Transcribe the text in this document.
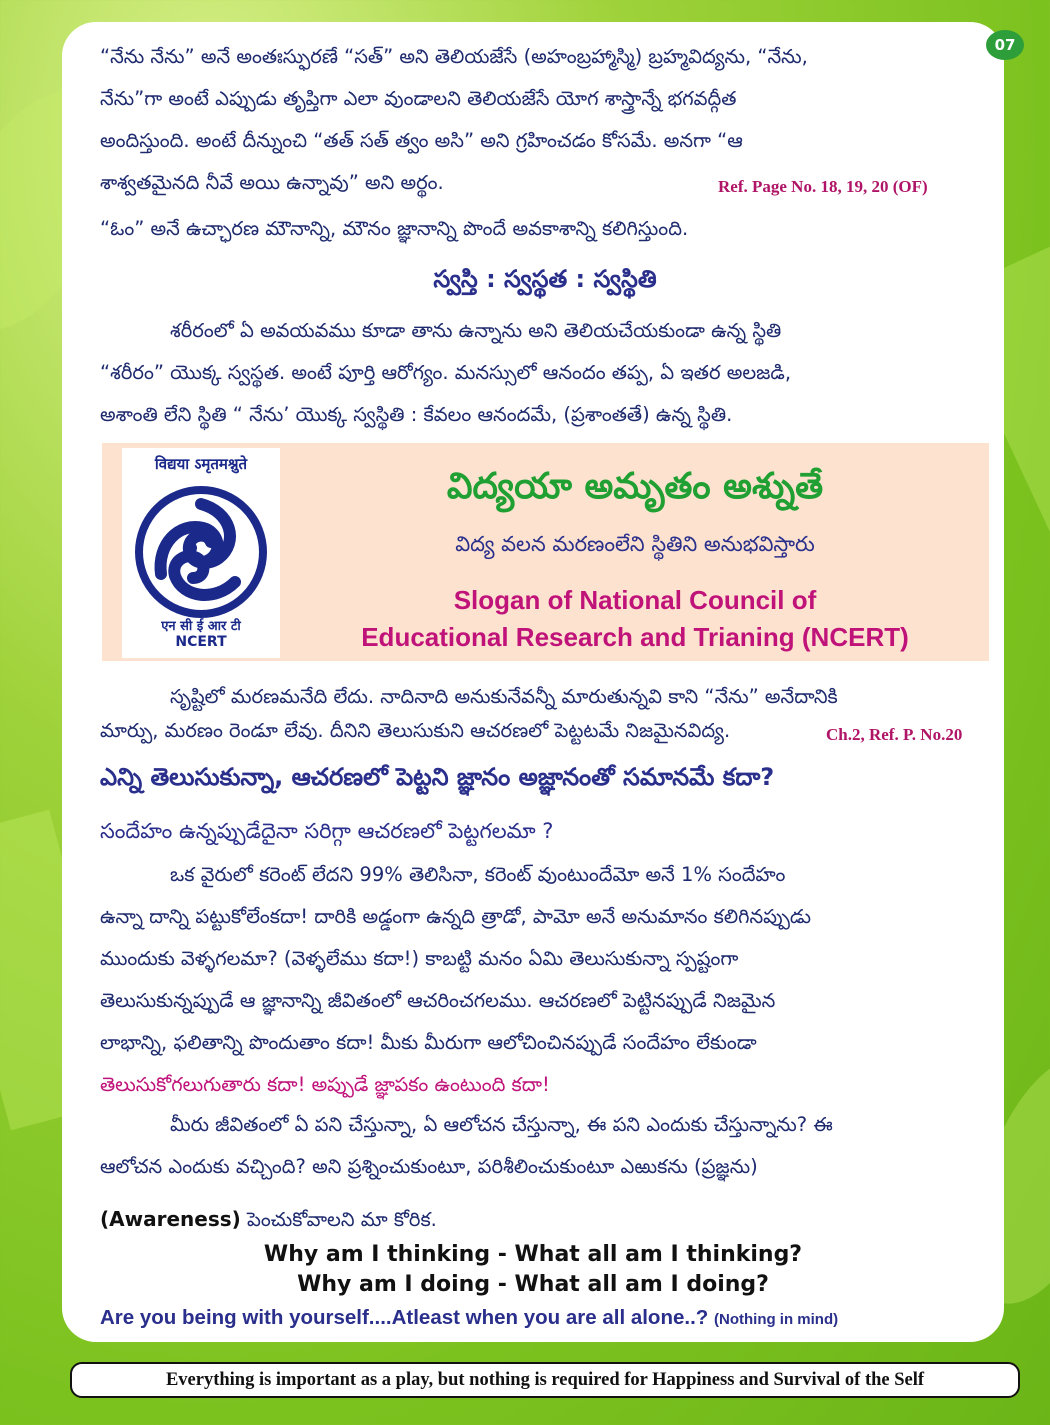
07
“నేను నేను” అనే అంతఃస్ఫురణే “సత్” అని తెలియజేసే (అహంబ్రహ్మాస్మి) బ్రహ్మవిద్యను, “నేను,
నేను”గా అంటే ఎప్పుడు తృప్తిగా ఎలా వుండాలని తెలియజేసే యోగ శాస్త్రాన్నే భగవద్గీత
అందిస్తుంది. అంటే దీన్నుంచి “తత్ సత్ త్వం అసి” అని గ్రహించడం కోసమే. అనగా “ఆ
శాశ్వతమైనది నీవే అయి ఉన్నావు” అని అర్థం.	Ref. Page No. 18, 19, 20 (OF)
“ఓం” అనే ఉచ్ఛారణ మౌనాన్ని, మౌనం జ్ఞానాన్ని పొందే అవకాశాన్ని కలిగిస్తుంది.
స్వస్తి : స్వస్థత : స్వస్థితి
శరీరంలో ఏ అవయవము కూడా తాను ఉన్నాను అని తెలియచేయకుండా ఉన్న స్థితి
“శరీరం” యొక్క స్వస్థత. అంటే పూర్తి ఆరోగ్యం. మనస్సులో ఆనందం తప్ప, ఏ ఇతర అలజడి,
అశాంతి లేని స్థితి “ నేను’ యొక్క స్వస్థితి : కేవలం ఆనందమే, (ప్రశాంతతే) ఉన్న స్థితి.
विद्यया ऽमृतमश्नुते
एन सी ई आर टी
NCERT
విద్యయా అమృతం అశ్నుతే
విద్య వలన మరణంలేని స్థితిని అనుభవిస్తారు
Slogan of National Council of
Educational Research and Trianing (NCERT)
సృష్టిలో మరణమనేది లేదు. నాదినాది అనుకునేవన్నీ మారుతున్నవి కాని “నేను” అనేదానికి
మార్పు, మరణం రెండూ లేవు. దీనిని తెలుసుకుని ఆచరణలో పెట్టటమే నిజమైనవిద్య.	Ch.2, Ref. P. No.20
ఎన్ని తెలుసుకున్నా, ఆచరణలో పెట్టని జ్ఞానం అజ్ఞానంతో సమానమే కదా?
సందేహం ఉన్నప్పుడేదైనా సరిగ్గా ఆచరణలో పెట్టగలమా ?
ఒక వైరులో కరెంట్ లేదని 99% తెలిసినా, కరెంట్ వుంటుందేమో అనే 1% సందేహం
ఉన్నా దాన్ని పట్టుకోలేంకదా! దారికి అడ్డంగా ఉన్నది త్రాడో, పామో అనే అనుమానం కలిగినప్పుడు
ముందుకు వెళ్ళగలమా? (వెళ్ళలేము కదా!) కాబట్టి మనం ఏమి తెలుసుకున్నా స్పష్టంగా
తెలుసుకున్నప్పుడే ఆ జ్ఞానాన్ని జీవితంలో ఆచరించగలము. ఆచరణలో పెట్టినప్పుడే నిజమైన
లాభాన్ని, ఫలితాన్ని పొందుతాం కదా! మీకు మీరుగా ఆలోచించినప్పుడే సందేహం లేకుండా
తెలుసుకోగలుగుతారు కదా! అప్పుడే జ్ఞాపకం ఉంటుంది కదా!
మీరు జీవితంలో ఏ పని చేస్తున్నా, ఏ ఆలోచన చేస్తున్నా, ఈ పని ఎందుకు చేస్తున్నాను? ఈ
ఆలోచన ఎందుకు వచ్చింది? అని ప్రశ్నించుకుంటూ, పరిశీలించుకుంటూ ఎఱుకను (ప్రజ్ఞను)
(Awareness) పెంచుకోవాలని మా కోరిక.
Why am I thinking - What all am I thinking?
Why am I doing - What all am I doing?
Are you being with yourself....Atleast when you are all alone..? (Nothing in mind)
Everything is important as a play, but nothing is required for Happiness and Survival of the Self
